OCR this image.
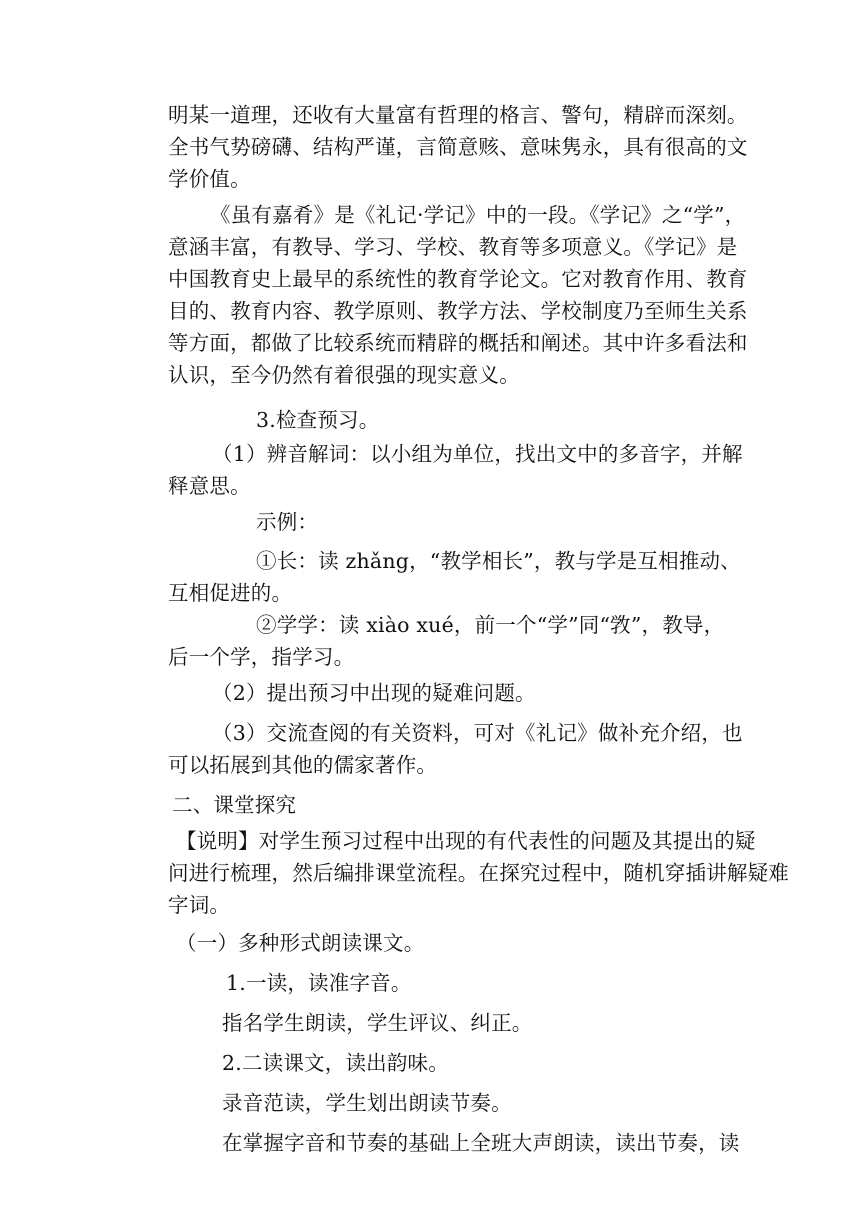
明某一道理，还收有大量富有哲理的格言、警句，精辟而深刻。

全书气势磅礴、结构严谨，言简意赅、意味隽永，具有很高的文

学价值。

《虽有嘉肴》是《礼记·学记》中的一段。《学记》之“学”，

意涵丰富，有教导、学习、学校、教育等多项意义。《学记》是

中国教育史上最早的系统性的教育学论文。它对教育作用、教育

目的、教育内容、教学原则、教学方法、学校制度乃至师生关系

等方面，都做了比较系统而精辟的概括和阐述。其中许多看法和

认识，至今仍然有着很强的现实意义。

3.检查预习。

（1）辨音解词：以小组为单位，找出文中的多音字，并解

释意思。

示例：

①长：读 zhǎng，“教学相长”，教与学是互相推动、

互相促进的。

②学学：读 xiào xué，前一个“学”同“敩”，教导，

后一个学，指学习。

（2）提出预习中出现的疑难问题。

（3）交流查阅的有关资料，可对《礼记》做补充介绍，也

可以拓展到其他的儒家著作。

二、课堂探究

【说明】对学生预习过程中出现的有代表性的问题及其提出的疑

问进行梳理，然后编排课堂流程。在探究过程中，随机穿插讲解疑难

字词。

（一）多种形式朗读课文。

1.一读，读准字音。

指名学生朗读，学生评议、纠正。

2.二读课文，读出韵味。

录音范读，学生划出朗读节奏。

在掌握字音和节奏的基础上全班大声朗读，读出节奏，读
